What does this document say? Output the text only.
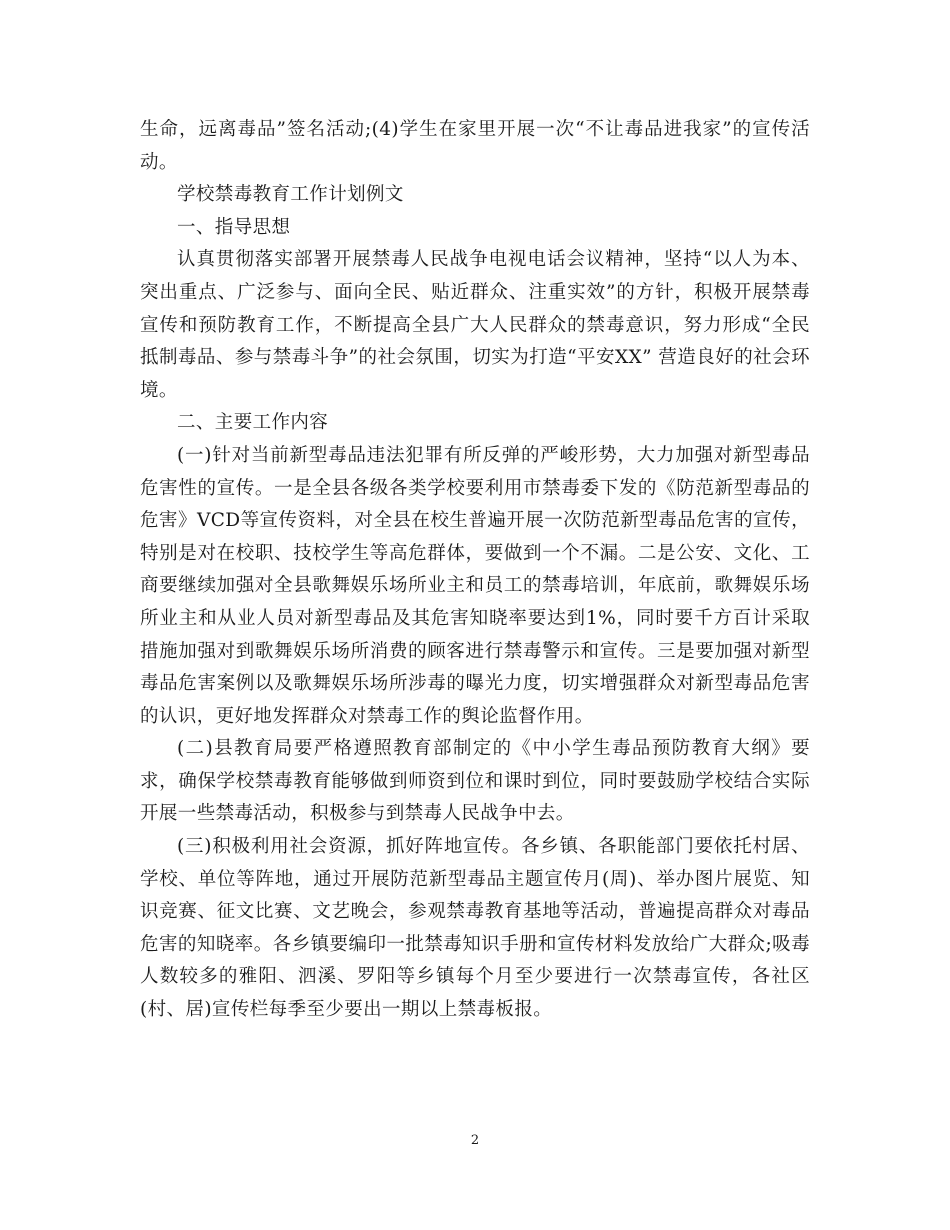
生命，远离毒品”签名活动;(4)学生在家里开展一次“不让毒品进我家”的宣传活动。

学校禁毒教育工作计划例文

一、指导思想

认真贯彻落实部署开展禁毒人民战争电视电话会议精神，坚持“以人为本、突出重点、广泛参与、面向全民、贴近群众、注重实效”的方针，积极开展禁毒宣传和预防教育工作，不断提高全县广大人民群众的禁毒意识，努力形成“全民抵制毒品、参与禁毒斗争”的社会氛围，切实为打造“平安XX” 营造良好的社会环境。

二、主要工作内容

(一)针对当前新型毒品违法犯罪有所反弹的严峻形势，大力加强对新型毒品危害性的宣传。一是全县各级各类学校要利用市禁毒委下发的《防范新型毒品的危害》VCD等宣传资料，对全县在校生普遍开展一次防范新型毒品危害的宣传，特别是对在校职、技校学生等高危群体，要做到一个不漏。二是公安、文化、工商要继续加强对全县歌舞娱乐场所业主和员工的禁毒培训，年底前，歌舞娱乐场所业主和从业人员对新型毒品及其危害知晓率要达到1%，同时要千方百计采取措施加强对到歌舞娱乐场所消费的顾客进行禁毒警示和宣传。三是要加强对新型毒品危害案例以及歌舞娱乐场所涉毒的曝光力度，切实增强群众对新型毒品危害的认识，更好地发挥群众对禁毒工作的舆论监督作用。

(二)县教育局要严格遵照教育部制定的《中小学生毒品预防教育大纲》要求，确保学校禁毒教育能够做到师资到位和课时到位，同时要鼓励学校结合实际开展一些禁毒活动，积极参与到禁毒人民战争中去。

(三)积极利用社会资源，抓好阵地宣传。各乡镇、各职能部门要依托村居、学校、单位等阵地，通过开展防范新型毒品主题宣传月(周)、举办图片展览、知识竞赛、征文比赛、文艺晚会，参观禁毒教育基地等活动，普遍提高群众对毒品危害的知晓率。各乡镇要编印一批禁毒知识手册和宣传材料发放给广大群众;吸毒人数较多的雅阳、泗溪、罗阳等乡镇每个月至少要进行一次禁毒宣传，各社区(村、居)宣传栏每季至少要出一期以上禁毒板报。

2
